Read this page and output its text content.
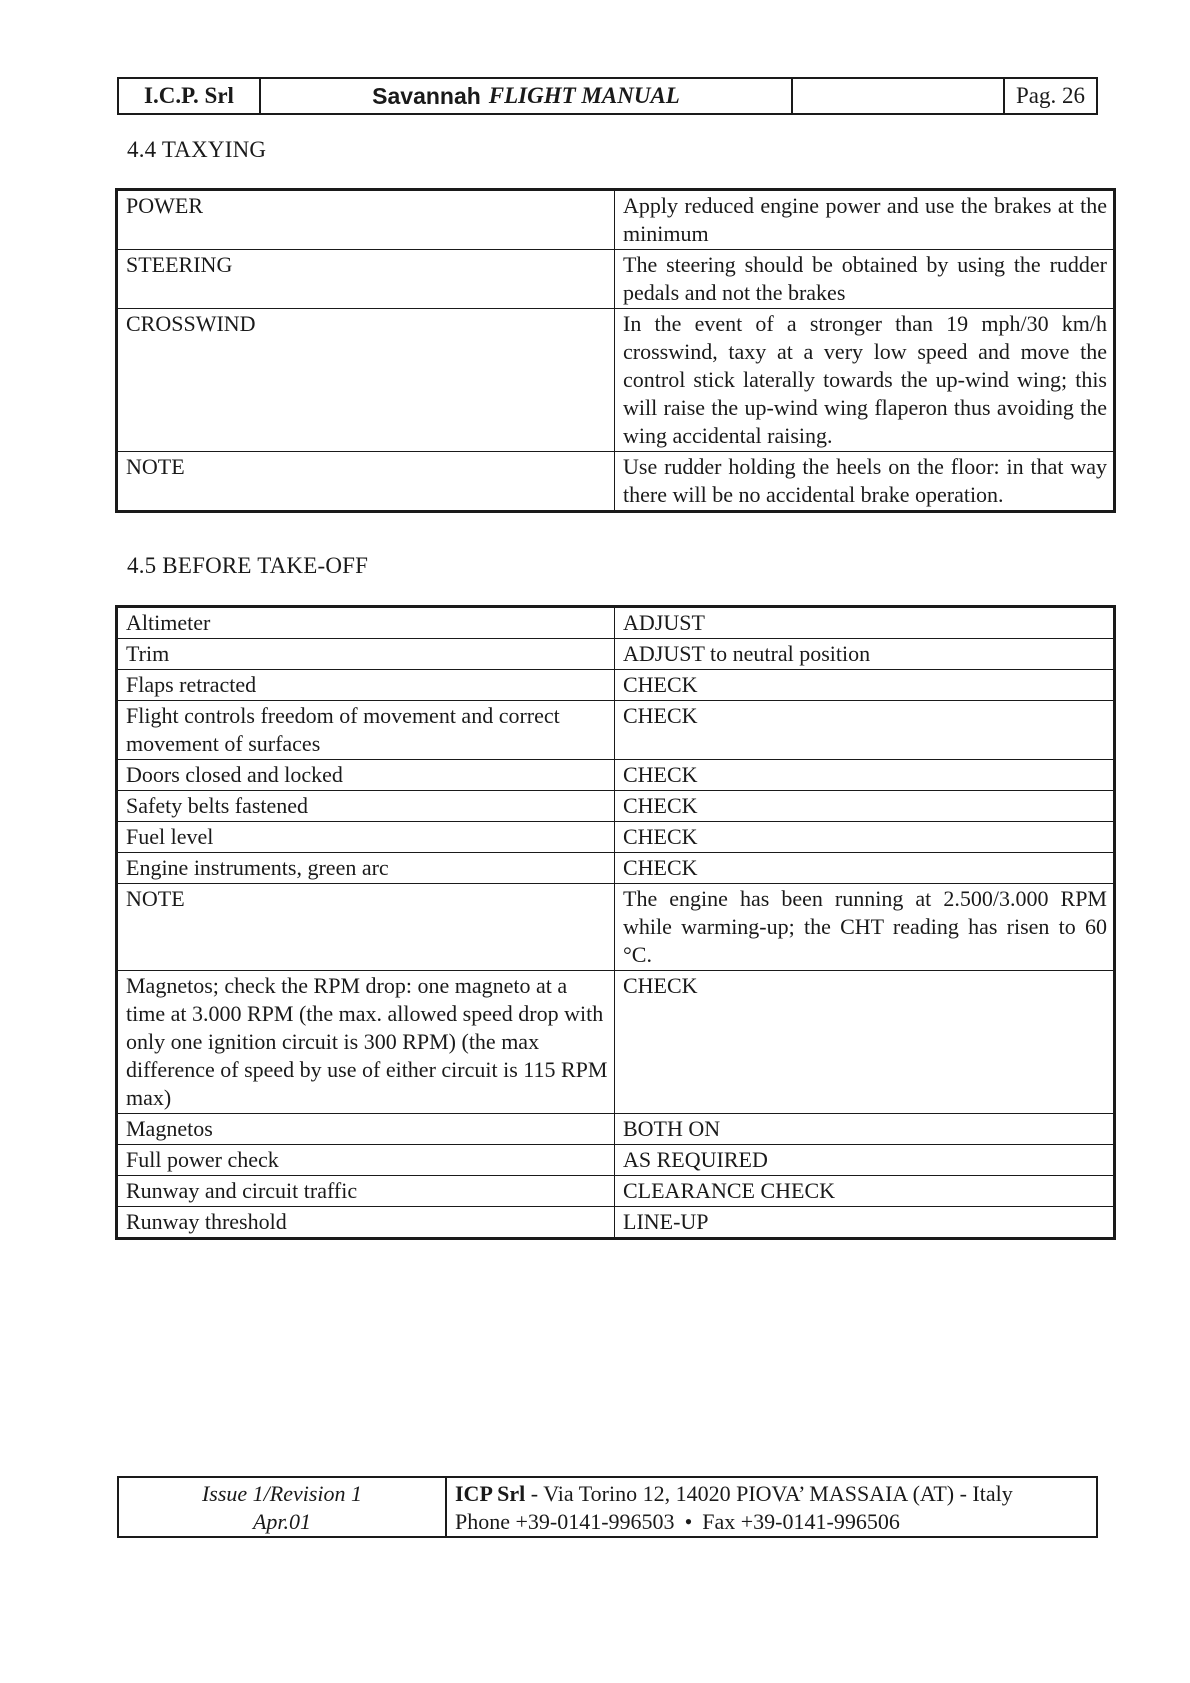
I.C.P. Srl	Savannah FLIGHT MANUAL	Pag. 26
4.4 TAXYING
POWER	Apply reduced engine power and use the brakes at the minimum
STEERING	The steering should be obtained by using the rudder pedals and not the brakes
CROSSWIND	In the event of a stronger than 19 mph/30 km/h crosswind, taxy at a very low speed and move the control stick laterally towards the up-wind wing; this will raise the up-wind wing flaperon thus avoiding the wing accidental raising.
NOTE	Use rudder holding the heels on the floor: in that way there will be no accidental brake operation.
4.5 BEFORE TAKE-OFF
Altimeter	ADJUST
Trim	ADJUST to neutral position
Flaps retracted	CHECK
Flight controls freedom of movement and correct movement of surfaces	CHECK
Doors closed and locked	CHECK
Safety belts fastened	CHECK
Fuel level	CHECK
Engine instruments, green arc	CHECK
NOTE	The engine has been running at 2.500/3.000 RPM while warming-up; the CHT reading has risen to 60 °C.
Magnetos; check the RPM drop: one magneto at a time at 3.000 RPM (the max. allowed speed drop with only one ignition circuit is 300 RPM) (the max difference of speed by use of either circuit is 115 RPM max)	CHECK
Magnetos	BOTH ON
Full power check	AS REQUIRED
Runway and circuit traffic	CLEARANCE CHECK
Runway threshold	LINE-UP
Issue 1/Revision 1
Apr.01
ICP Srl - Via Torino 12, 14020 PIOVA’ MASSAIA (AT) - Italy
Phone +39-0141-996503 • Fax +39-0141-996506
